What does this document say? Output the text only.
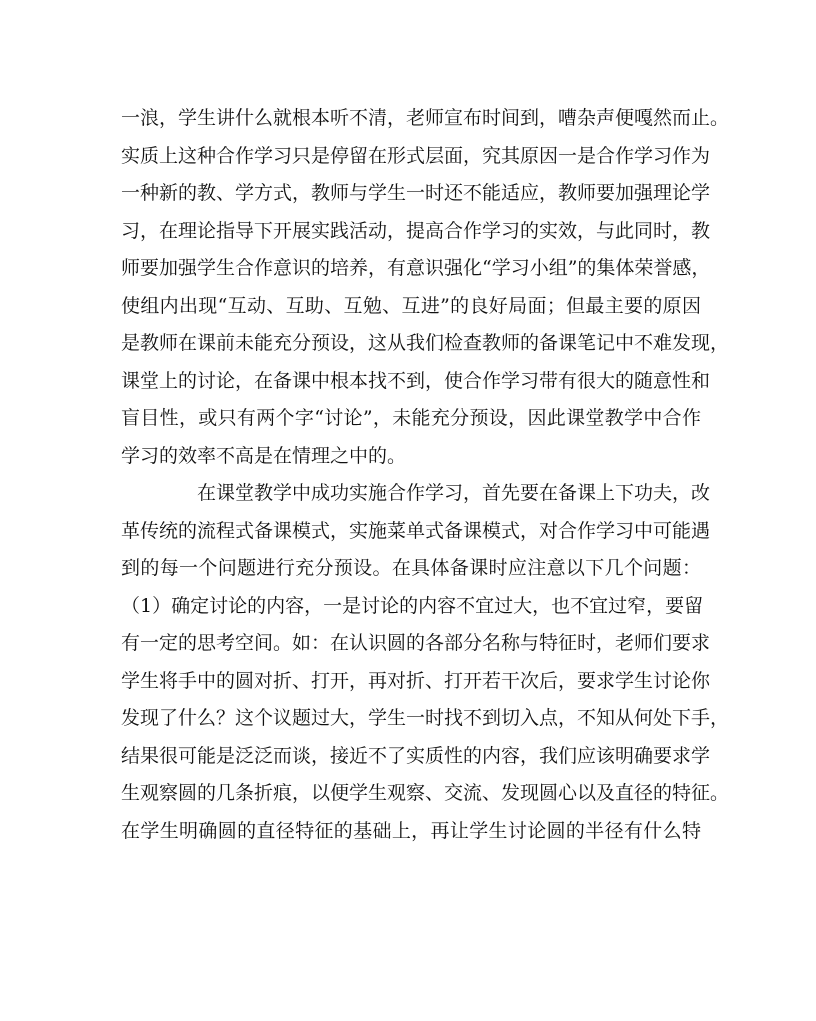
一浪，学生讲什么就根本听不清，老师宣布时间到，嘈杂声便嘎然而止。
实质上这种合作学习只是停留在形式层面，究其原因一是合作学习作为
一种新的教、学方式，教师与学生一时还不能适应，教师要加强理论学
习，在理论指导下开展实践活动，提高合作学习的实效，与此同时，教
师要加强学生合作意识的培养，有意识强化“学习小组”的集体荣誉感，
使组内出现“互动、互助、互勉、互进”的良好局面；但最主要的原因
是教师在课前未能充分预设，这从我们检查教师的备课笔记中不难发现，
课堂上的讨论，在备课中根本找不到，使合作学习带有很大的随意性和
盲目性，或只有两个字“讨论”，未能充分预设，因此课堂教学中合作
学习的效率不高是在情理之中的。
在课堂教学中成功实施合作学习，首先要在备课上下功夫，改
革传统的流程式备课模式，实施菜单式备课模式，对合作学习中可能遇
到的每一个问题进行充分预设。在具体备课时应注意以下几个问题：
（1）确定讨论的内容，一是讨论的内容不宜过大，也不宜过窄，要留
有一定的思考空间。如：在认识圆的各部分名称与特征时，老师们要求
学生将手中的圆对折、打开，再对折、打开若干次后，要求学生讨论你
发现了什么？这个议题过大，学生一时找不到切入点，不知从何处下手，
结果很可能是泛泛而谈，接近不了实质性的内容，我们应该明确要求学
生观察圆的几条折痕，以便学生观察、交流、发现圆心以及直径的特征。
在学生明确圆的直径特征的基础上，再让学生讨论圆的半径有什么特
